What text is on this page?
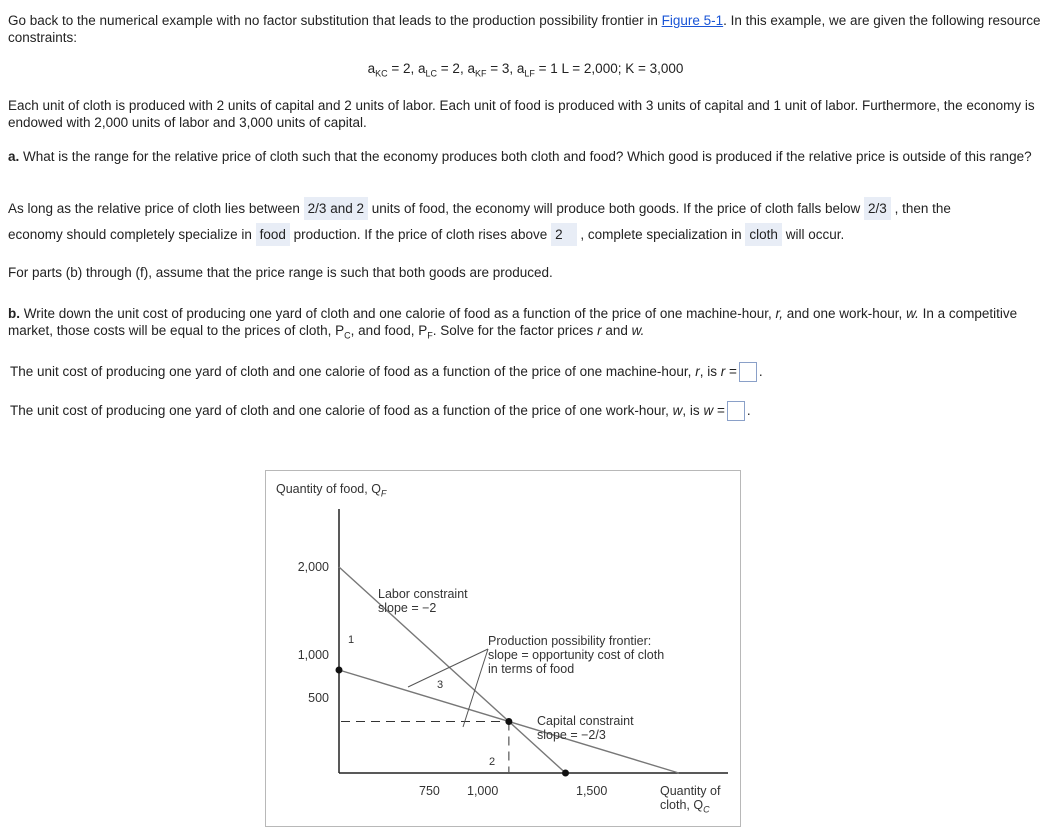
Go back to the numerical example with no factor substitution that leads to the production possibility frontier in Figure 5-1. In this example, we are given the following resource constraints:

$a_{KC} = 2$, $a_{LC} = 2$, $a_{KF} = 3$, $a_{LF} = 1$ L = 2,000; K = 3,000

Each unit of cloth is produced with 2 units of capital and 2 units of labor. Each unit of food is produced with 3 units of capital and 1 unit of labor. Furthermore, the economy is endowed with 2,000 units of labor and 3,000 units of capital.

a. What is the range for the relative price of cloth such that the economy produces both cloth and food? Which good is produced if the relative price is outside of this range?

As long as the relative price of cloth lies between 2/3 and 2 units of food, the economy will produce both goods. If the price of cloth falls below 2/3 , then the
economy should completely specialize in food production. If the price of cloth rises above 2 , complete specialization in cloth will occur.

For parts (b) through (f), assume that the price range is such that both goods are produced.

b. Write down the unit cost of producing one yard of cloth and one calorie of food as a function of the price of one machine-hour, r, and one work-hour, w. In a competitive market, those costs will be equal to the prices of cloth, $P_C$, and food, $P_F$. Solve for the factor prices r and w.

The unit cost of producing one yard of cloth and one calorie of food as a function of the price of one machine-hour, r, is r = .
The unit cost of producing one yard of cloth and one calorie of food as a function of the price of one work-hour, w, is w = .
Quantity of food, $Q_F$
2,000
1,000
500
750 1,000	1,500	Quantity of
cloth, $Q_C$
Labor constraint
slope = −2
Production possibility frontier:
slope = opportunity cost of cloth
in terms of food
Capital constraint
slope = −2/3
1
3
2
